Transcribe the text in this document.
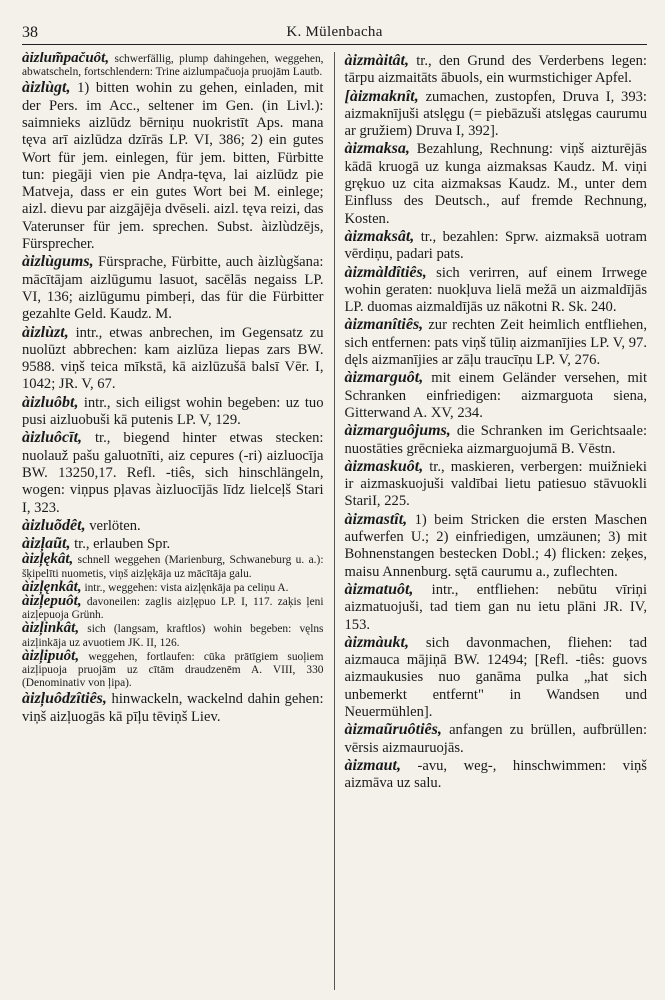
38	K. Mülenbacha

àizlum̃pačuôt, schwerfällig, plump dahingehen, weggehen, abwatscheln, fortschlendern: Trine aizlumpačuoja pruojām Lautb.

àizlùgt, 1) bitten wohin zu gehen, einladen, mit der Pers. im Acc., seltener im Gen. (in Livl.): saimnieks aizlūdz bērniņu nuokristīt Aps. mana tęva arī aizlūdza dzīrās LP. VI, 386; 2) ein gutes Wort für jem. einlegen, für jem. bitten, Fürbitte tun: piegāji vien pie Andŗa-tęva, lai aizlūdz pie Matveja, dass er ein gutes Wort bei M. einlege; aizl. dievu par aizgājēja dvēseli. aizl. tęva reizi, das Vaterunser für jem. sprechen. Subst. àizlùdzējs, Fürsprecher.

àizlùgums, Fürsprache, Fürbitte, auch àizlùgšana: mācītājam aizlūgumu lasuot, sacēlās negaiss LP. VI, 136; aizlūgumu pimbeŗi, das für die Fürbitter gezahlte Geld. Kaudz. M.

àizlùzt, intr., etwas anbrechen, im Gegensatz zu nuolūzt abbrechen: kam aizlūza liepas zars BW. 9588. viņš teica mīkstā, kā aizlūzušā balsī Vēr. I, 1042; JR. V, 67.

àizluôbt, intr., sich eiligst wohin begeben: uz tuo pusi aizluobuši kā putenis LP. V, 129.

àizluôcīt, tr., biegend hinter etwas stecken: nuolauž pašu galuotnīti, aiz cepures (-ri) aizluocīja BW. 13250,17. Refl. -tiês, sich hinschlängeln, wogen: viņpus pļavas àizluocījās līdz lielceļš Stari I, 323.

àizluõdêt, verlöten.

àizļaũt, tr., erlauben Spr.

àizļękât, schnell weggehen (Marienburg, Schwaneburg u. a.): šķipelīti nuometis, viņš aizļękāja uz mācītāja galu.

àizļęnkât, intr., weggehen: vista aizļęnkāja pa celiņu A.

àizļepuôt, davoneilen: zaglis aizļępuo LP. I, 117. zaķis ļeni aizļepuoja Grünh.

àizļinkât, sich (langsam, kraftlos) wohin begeben: vęlns aizļinkāja uz avuotiem JK. II, 126.

àizļipuôt, weggehen, fortlaufen: cūka prātīgiem suoļiem aizļipuoja pruojām uz cītām draudzenēm A. VIII, 330 (Denominativ von ļipa).

àizļuôdzîtiês, hinwackeln, wackelnd dahin gehen: viņš aizļuogās kā pīļu tēviņš Liev.

àizmàitât, tr., den Grund des Verderbens legen: tārpu aizmaitāts ābuols, ein wurmstichiger Apfel.

[àizmaknît, zumachen, zustopfen, Druva I, 393: aizmaknījuši atslęgu (= piebāzuši atslęgas caurumu ar gružiem) Druva I, 392].

àizmaksa, Bezahlung, Rechnung: viņš aizturējās kādā kruogā uz kunga aizmaksas Kaudz. M. viņi grękuo uz cita aizmaksas Kaudz. M., unter dem Einfluss des Deutsch., auf fremde Rechnung, Kosten.

àizmaksât, tr., bezahlen: Sprw. aizmaksā uotram vērdiņu, padari pats.

àizmàldîtiês, sich verirren, auf einem Irrwege wohin geraten: nuokļuva lielā mežā un aizmaldījās LP. duomas aizmaldījās uz nākotni R. Sk. 240.

àizmanîtiês, zur rechten Zeit heimlich entfliehen, sich entfernen: pats viņš tūliņ aizmanījies LP. V, 97. dęls aizmanījies ar zāļu traucīņu LP. V, 276.

àizmarguôt, mit einem Geländer versehen, mit Schranken einfriedigen: aizmarguota siena, Gitterwand A. XV, 234.

àizmarguôjums, die Schranken im Gerichtsaale: nuostāties grēcnieka aizmarguojumā B. Vēstn.

àizmaskuôt, tr., maskieren, verbergen: muižnieki ir aizmaskuojuši valdībai lietu patiesuo stāvuokli StariI, 225.

àizmastît, 1) beim Stricken die ersten Maschen aufwerfen U.; 2) einfriedigen, umzäunen; 3) mit Bohnenstangen bestecken Dobl.; 4) flicken: zeķes, maisu Annenburg. sętā caurumu a., zuflechten.

àizmatuôt, intr., entfliehen: nebūtu vīriņi aizmatuojuši, tad tiem gan nu ietu plāni JR. IV, 153.

àizmàukt, sich davonmachen, fliehen: tad aizmauca mājiņā BW. 12494; [Refl. -tiês: guovs aizmaukusies nuo ganāma pulka „hat sich unbemerkt entfernt" in Wandsen und Neuermühlen].

àizmaũruôtiês, anfangen zu brüllen, aufbrüllen: vērsis aizmauruojās.

àizmaut, -avu, weg-, hinschwimmen: viņš aizmāva uz salu.
